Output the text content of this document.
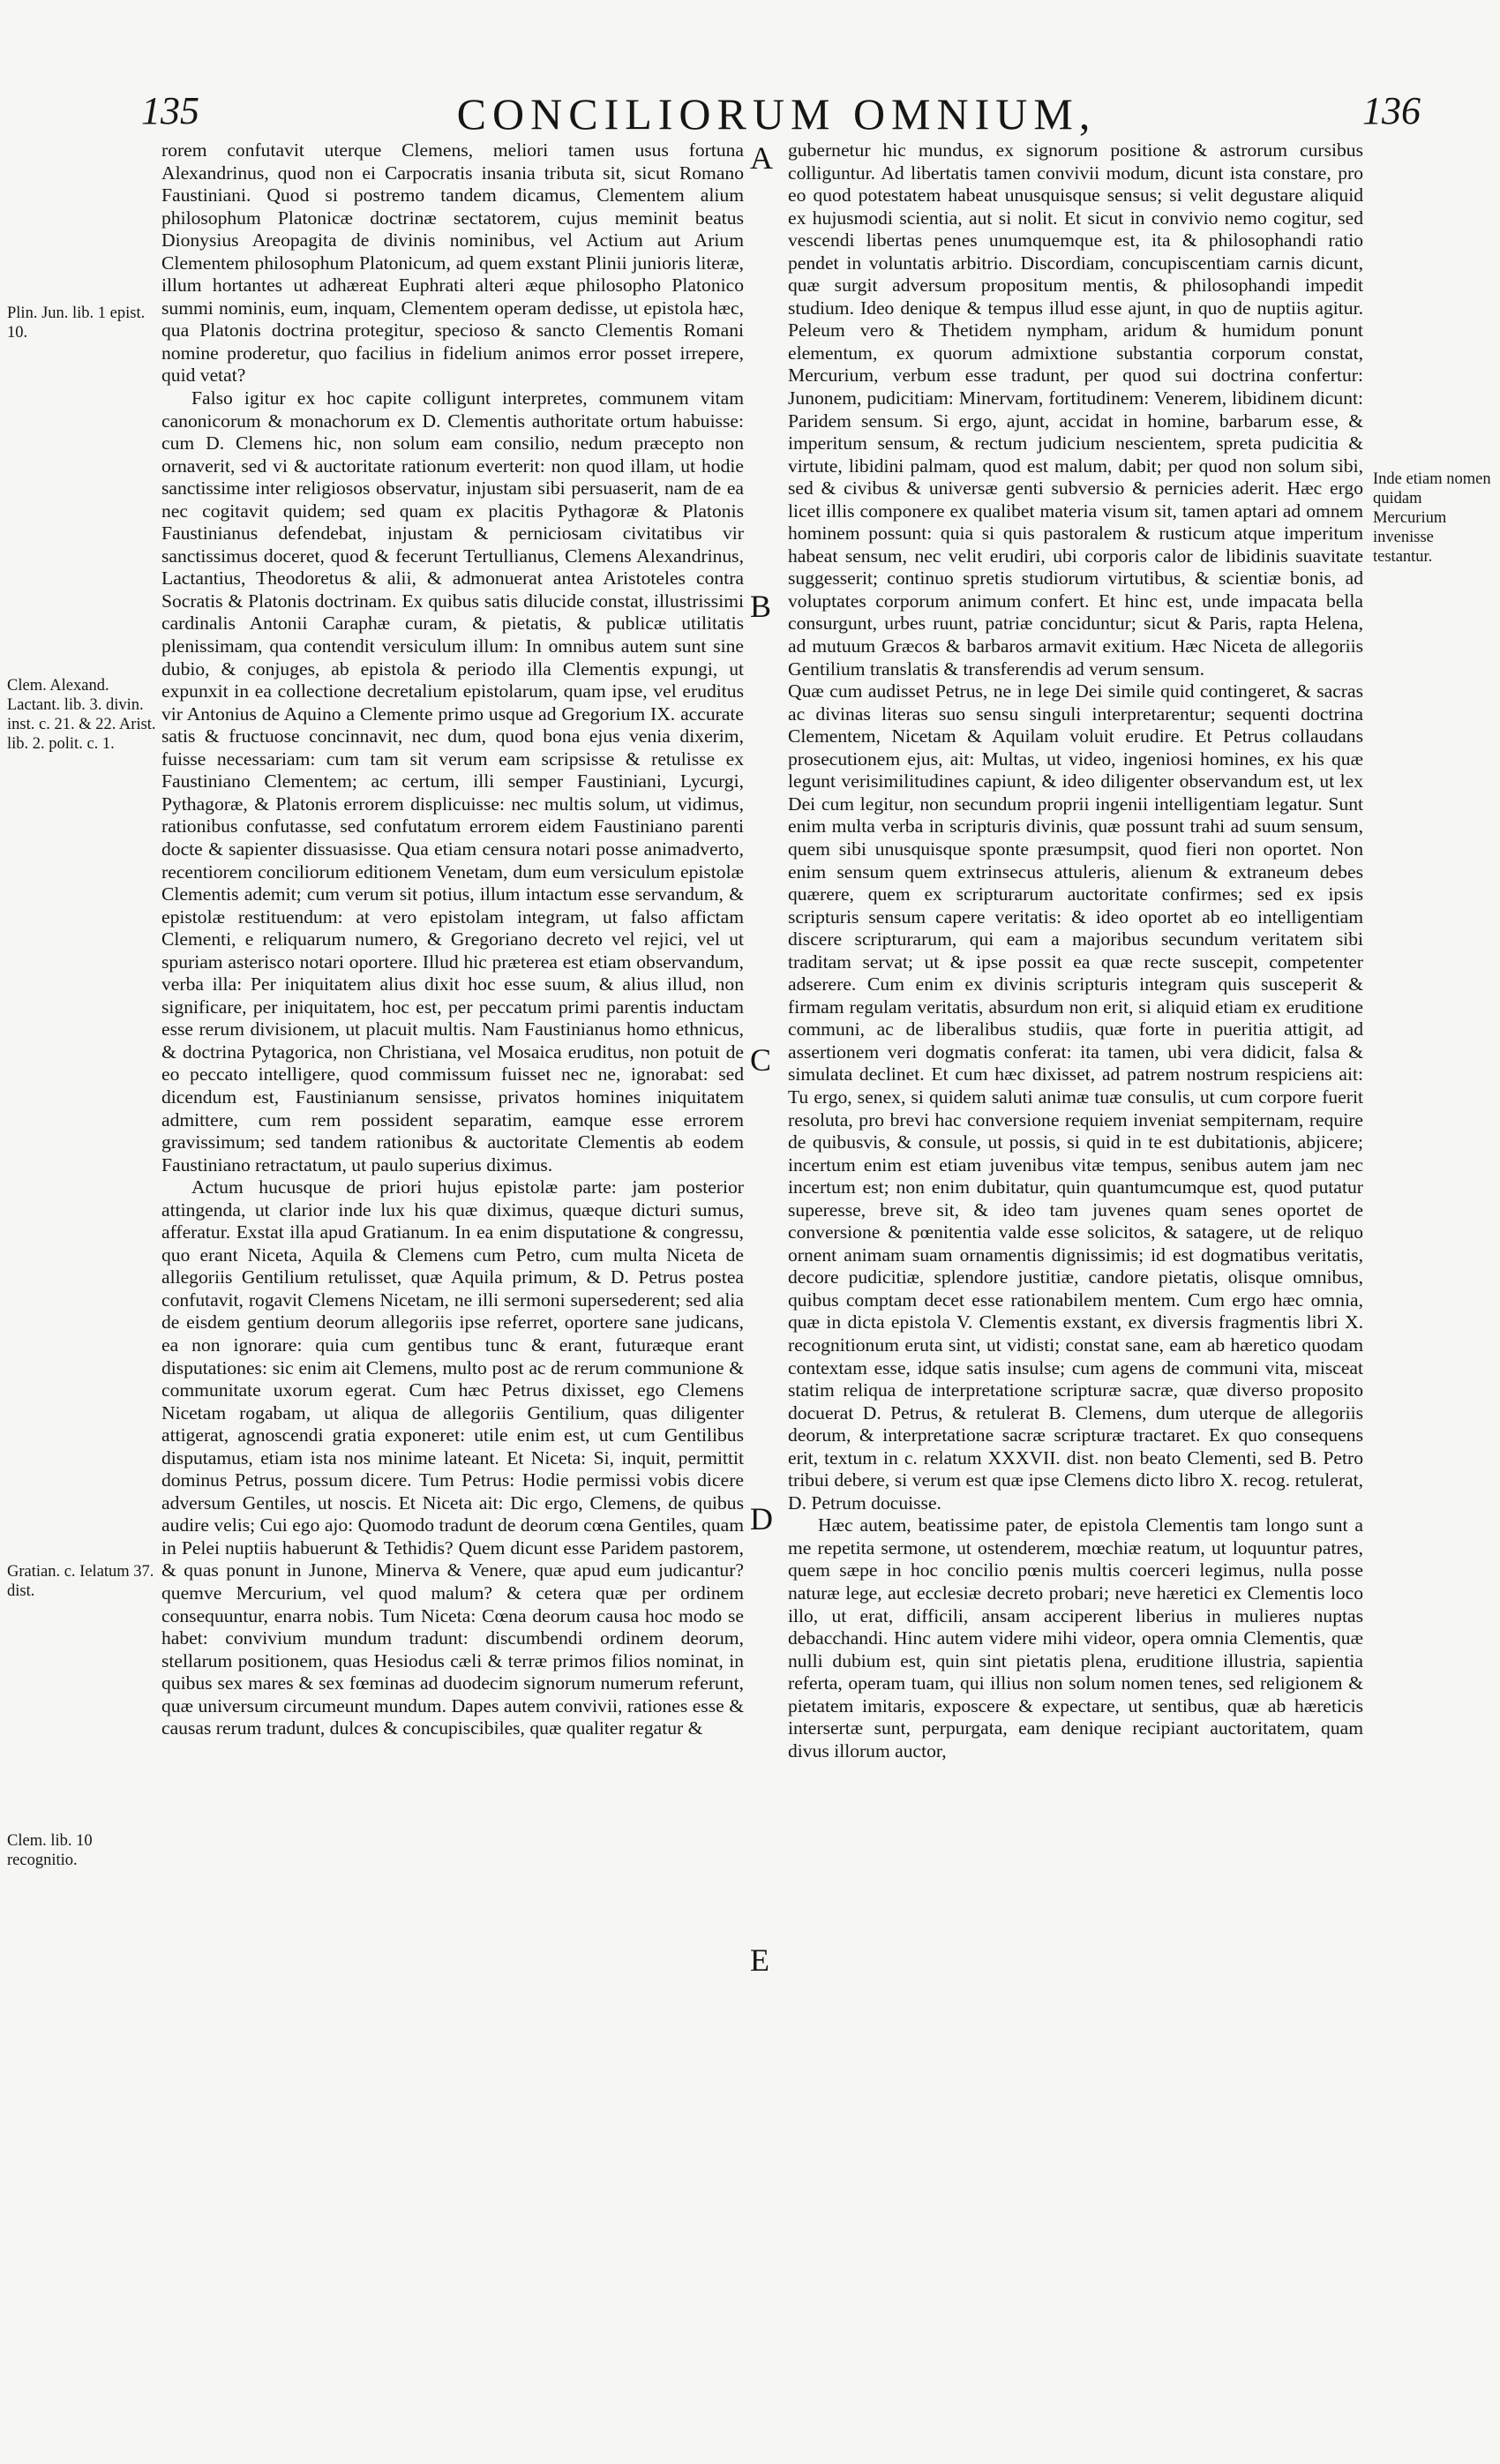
135	CONCILIORUM OMNIUM,	136

rorem confutavit uterque Clemens, meliori tamen usus fortuna Alexandrinus, quod non ei Carpocratis insania tributa sit, sicut Romano Faustiniani. Quod si postremo tandem dicamus, Clementem alium philosophum Platonicæ doctrinæ sectatorem, cujus meminit beatus Dionysius Areopagita de divinis nominibus, vel Actium aut Arium Clementem philosophum Platonicum, ad quem exstant Plinii junioris literæ, illum hortantes ut adhæreat Euphrati alteri æque philosopho Platonico summi nominis, eum, inquam, Clementem operam dedisse, ut epistola hæc, qua Platonis doctrina protegitur, specioso & sancto Clementis Romani nomine proderetur, quo facilius in fidelium animos error posset irrepere, quid vetat?

Falso igitur ex hoc capite colligunt interpretes, communem vitam canonicorum & monachorum ex D. Clementis authoritate ortum habuisse: cum D. Clemens hic, non solum eam consilio, nedum præcepto non ornaverit, sed vi & auctoritate rationum everterit: non quod illam, ut hodie sanctissime inter religiosos observatur, injustam sibi persuaserit, nam de ea nec cogitavit quidem; sed quam ex placitis Pythagoræ & Platonis Faustinianus defendebat, injustam & perniciosam civitatibus vir sanctissimus doceret, quod & fecerunt Tertullianus, Clemens Alexandrinus, Lactantius, Theodoretus & alii, & admonuerat antea Aristoteles contra Socratis & Platonis doctrinam. Ex quibus satis dilucide constat, illustrissimi cardinalis Antonii Caraphæ curam, & pietatis, & publicæ utilitatis plenissimam, qua contendit versiculum illum: In omnibus autem sunt sine dubio, & conjuges, ab epistola & periodo illa Clementis expungi, ut expunxit in ea collectione decretalium epistolarum, quam ipse, vel eruditus vir Antonius de Aquino a Clemente primo usque ad Gregorium IX. accurate satis & fructuose concinnavit, nec dum, quod bona ejus venia dixerim, fuisse necessariam: cum tam sit verum eam scripsisse & retulisse ex Faustiniano Clementem; ac certum, illi semper Faustiniani, Lycurgi, Pythagoræ, & Platonis errorem displicuisse: nec multis solum, ut vidimus, rationibus confutasse, sed confutatum errorem eidem Faustiniano parenti docte & sapienter dissuasisse. Qua etiam censura notari posse animadverto, recentiorem conciliorum editionem Venetam, dum eum versiculum epistolæ Clementis ademit; cum verum sit potius, illum intactum esse servandum, & epistolæ restituendum: at vero epistolam integram, ut falso affictam Clementi, e reliquarum numero, & Gregoriano decreto vel rejici, vel ut spuriam asterisco notari oportere. Illud hic præterea est etiam observandum, verba illa: Per iniquitatem alius dixit hoc esse suum, & alius illud, non significare, per iniquitatem, hoc est, per peccatum primi parentis inductam esse rerum divisionem, ut placuit multis. Nam Faustinianus homo ethnicus, & doctrina Pytagorica, non Christiana, vel Mosaica eruditus, non potuit de eo peccato intelligere, quod commissum fuisset nec ne, ignorabat: sed dicendum est, Faustinianum sensisse, privatos homines iniquitatem admittere, cum rem possident separatim, eamque esse errorem gravissimum; sed tandem rationibus & auctoritate Clementis ab eodem Faustiniano retractatum, ut paulo superius diximus.

Actum hucusque de priori hujus epistolæ parte: jam posterior attingenda, ut clarior inde lux his quæ diximus, quæque dicturi sumus, afferatur. Exstat illa apud Gratianum. In ea enim disputatione & congressu, quo erant Niceta, Aquila & Clemens cum Petro, cum multa Niceta de allegoriis Gentilium retulisset, quæ Aquila primum, & D. Petrus postea confutavit, rogavit Clemens Nicetam, ne illi sermoni supersederent; sed alia de eisdem gentium deorum allegoriis ipse referret, oportere sane judicans, ea non ignorare: quia cum gentibus tunc & erant, futuræque erant disputationes: sic enim ait Clemens, multo post ac de rerum communione & communitate uxorum egerat. Cum hæc Petrus dixisset, ego Clemens Nicetam rogabam, ut aliqua de allegoriis Gentilium, quas diligenter attigerat, agnoscendi gratia exponeret: utile enim est, ut cum Gentilibus disputamus, etiam ista nos minime lateant. Et Niceta: Si, inquit, permittit dominus Petrus, possum dicere. Tum Petrus: Hodie permissi vobis dicere adversum Gentiles, ut noscis. Et Niceta ait: Dic ergo, Clemens, de quibus audire velis; Cui ego ajo: Quomodo tradunt de deorum cœna Gentiles, quam in Pelei nuptiis habuerunt & Tethidis? Quem dicunt esse Paridem pastorem, & quas ponunt in Junone, Minerva & Venere, quæ apud eum judicantur? quemve Mercurium, vel quod malum? & cetera quæ per ordinem consequuntur, enarra nobis. Tum Niceta: Cœna deorum causa hoc modo se habet: convivium mundum tradunt: discumbendi ordinem deorum, stellarum positionem, quas Hesiodus cæli & terræ primos filios nominat, in quibus sex mares & sex fœminas ad duodecim signorum numerum referunt, quæ universum circumeunt mundum. Dapes autem convivii, rationes esse & causas rerum tradunt, dulces & concupiscibiles, quæ qualiter regatur &

gubernetur hic mundus, ex signorum positione & astrorum cursibus colliguntur. Ad libertatis tamen convivii modum, dicunt ista constare, pro eo quod potestatem habeat unusquisque sensus; si velit degustare aliquid ex hujusmodi scientia, aut si nolit. Et sicut in convivio nemo cogitur, sed vescendi libertas penes unumquemque est, ita & philosophandi ratio pendet in voluntatis arbitrio. Discordiam, concupiscentiam carnis dicunt, quæ surgit adversum propositum mentis, & philosophandi impedit studium. Ideo denique & tempus illud esse ajunt, in quo de nuptiis agitur. Peleum vero & Thetidem nympham, aridum & humidum ponunt elementum, ex quorum admixtione substantia corporum constat, Mercurium, verbum esse tradunt, per quod sui doctrina confertur: Junonem, pudicitiam: Minervam, fortitudinem: Venerem, libidinem dicunt: Paridem sensum. Si ergo, ajunt, accidat in homine, barbarum esse, & imperitum sensum, & rectum judicium nescientem, spreta pudicitia & virtute, libidini palmam, quod est malum, dabit; per quod non solum sibi, sed & civibus & universæ genti subversio & pernicies aderit. Hæc ergo licet illis componere ex qualibet materia visum sit, tamen aptari ad omnem hominem possunt: quia si quis pastoralem & rusticum atque imperitum habeat sensum, nec velit erudiri, ubi corporis calor de libidinis suavitate suggesserit; continuo spretis studiorum virtutibus, & scientiæ bonis, ad voluptates corporum animum confert. Et hinc est, unde impacata bella consurgunt, urbes ruunt, patriæ conciduntur; sicut & Paris, rapta Helena, ad mutuum Græcos & barbaros armavit exitium. Hæc Niceta de allegoriis Gentilium translatis & transferendis ad verum sensum.

Quæ cum audisset Petrus, ne in lege Dei simile quid contingeret, & sacras ac divinas literas suo sensu singuli interpretarentur; sequenti doctrina Clementem, Nicetam & Aquilam voluit erudire. Et Petrus collaudans prosecutionem ejus, ait: Multas, ut video, ingeniosi homines, ex his quæ legunt verisimilitudines capiunt, & ideo diligenter observandum est, ut lex Dei cum legitur, non secundum proprii ingenii intelligentiam legatur. Sunt enim multa verba in scripturis divinis, quæ possunt trahi ad suum sensum, quem sibi unusquisque sponte præsumpsit, quod fieri non oportet. Non enim sensum quem extrinsecus attuleris, alienum & extraneum debes quærere, quem ex scripturarum auctoritate confirmes; sed ex ipsis scripturis sensum capere veritatis: & ideo oportet ab eo intelligentiam discere scripturarum, qui eam a majoribus secundum veritatem sibi traditam servat; ut & ipse possit ea quæ recte suscepit, competenter adserere. Cum enim ex divinis scripturis integram quis susceperit & firmam regulam veritatis, absurdum non erit, si aliquid etiam ex eruditione communi, ac de liberalibus studiis, quæ forte in pueritia attigit, ad assertionem veri dogmatis conferat: ita tamen, ubi vera didicit, falsa & simulata declinet. Et cum hæc dixisset, ad patrem nostrum respiciens ait: Tu ergo, senex, si quidem saluti animæ tuæ consulis, ut cum corpore fuerit resoluta, pro brevi hac conversione requiem inveniat sempiternam, require de quibusvis, & consule, ut possis, si quid in te est dubitationis, abjicere; incertum enim est etiam juvenibus vitæ tempus, senibus autem jam nec incertum est; non enim dubitatur, quin quantumcumque est, quod putatur superesse, breve sit, & ideo tam juvenes quam senes oportet de conversione & pœnitentia valde esse solicitos, & satagere, ut de reliquo ornent animam suam ornamentis dignissimis; id est dogmatibus veritatis, decore pudicitiæ, splendore justitiæ, candore pietatis, olisque omnibus, quibus comptam decet esse rationabilem mentem. Cum ergo hæc omnia, quæ in dicta epistola V. Clementis exstant, ex diversis fragmentis libri X. recognitionum eruta sint, ut vidisti; constat sane, eam ab hæretico quodam contextam esse, idque satis insulse; cum agens de communi vita, misceat statim reliqua de interpretatione scripturæ sacræ, quæ diverso proposito docuerat D. Petrus, & retulerat B. Clemens, dum uterque de allegoriis deorum, & interpretatione sacræ scripturæ tractaret. Ex quo consequens erit, textum in c. relatum XXXVII. dist. non beato Clementi, sed B. Petro tribui debere, si verum est quæ ipse Clemens dicto libro X. recog. retulerat, D. Petrum docuisse.

Hæc autem, beatissime pater, de epistola Clementis tam longo sunt a me repetita sermone, ut ostenderem, mœchiæ reatum, ut loquuntur patres, quem sæpe in hoc concilio pœnis multis coerceri legimus, nulla posse naturæ lege, aut ecclesiæ decreto probari; neve hæretici ex Clementis loco illo, ut erat, difficili, ansam acciperent liberius in mulieres nuptas debacchandi. Hinc autem videre mihi videor, opera omnia Clementis, quæ nulli dubium est, quin sint pietatis plena, eruditione illustria, sapientia referta, operam tuam, qui illius non solum nomen tenes, sed religionem & pietatem imitaris, exposcere & expectare, ut sentibus, quæ ab hæreticis intersertæ sunt, perpurgata, eam denique recipiant auctoritatem, quam divus illorum auctor,

A
B
C
D
E
Plin. Jun. lib. 1 epist. 10.
Clem. Alexand. Lactant. lib. 3. divin. inst. c. 21. & 22. Arist. lib. 2. polit. c. 1.
Gratian. c. Ielatum 37. dist.
Clem. lib. 10 recognitio.
Inde etiam nomen quidam Mercurium invenisse testantur.
